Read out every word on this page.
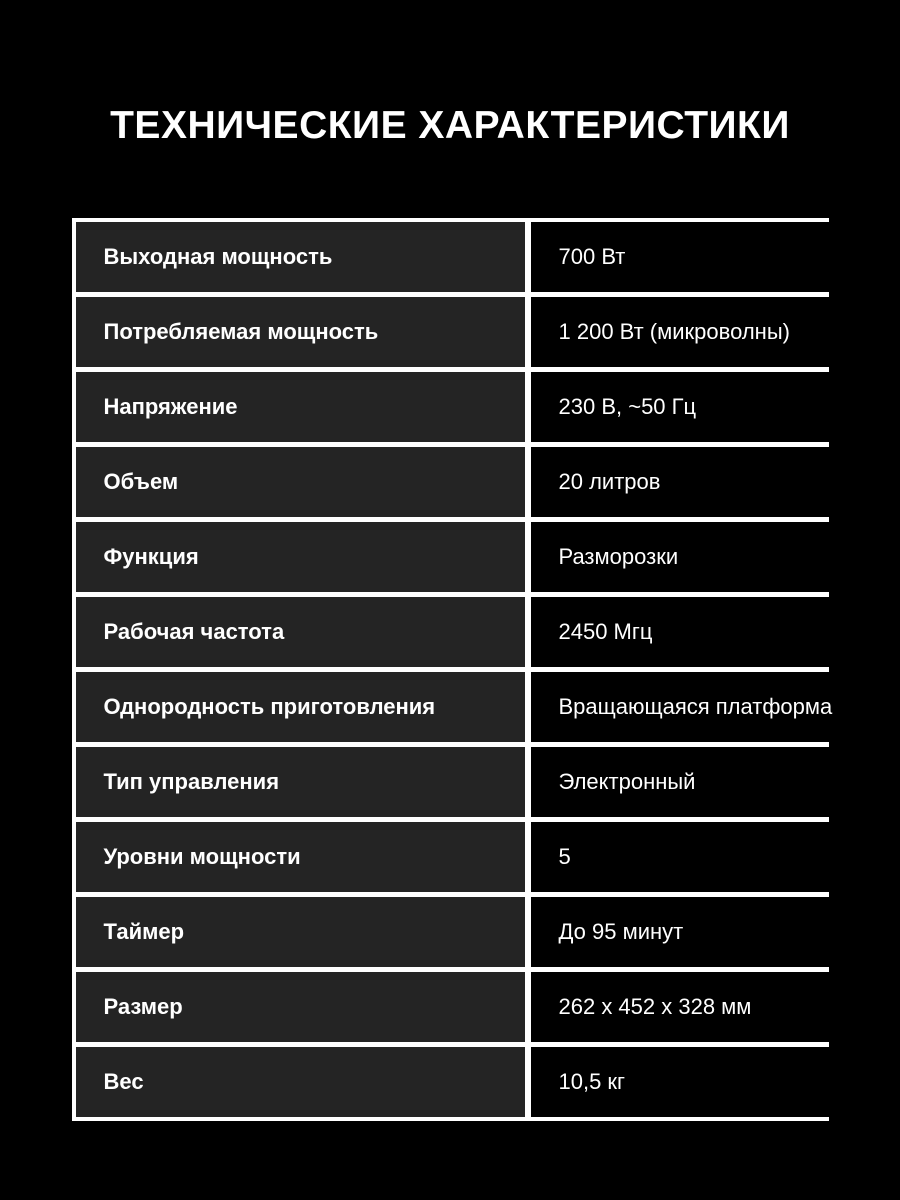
ТЕХНИЧЕСКИЕ ХАРАКТЕРИСТИКИ
Выходная мощность	700 Вт
Потребляемая мощность	1 200 Вт (микроволны)
Напряжение	230 В, ~50 Гц
Объем	20 литров
Функция	Разморозки
Рабочая частота	2450 Мгц
Однородность приготовления	Вращающаяся платформа
Тип управления	Электронный
Уровни мощности	5
Таймер	До 95 минут
Размер	262 х 452 х 328 мм
Вес	10,5 кг
